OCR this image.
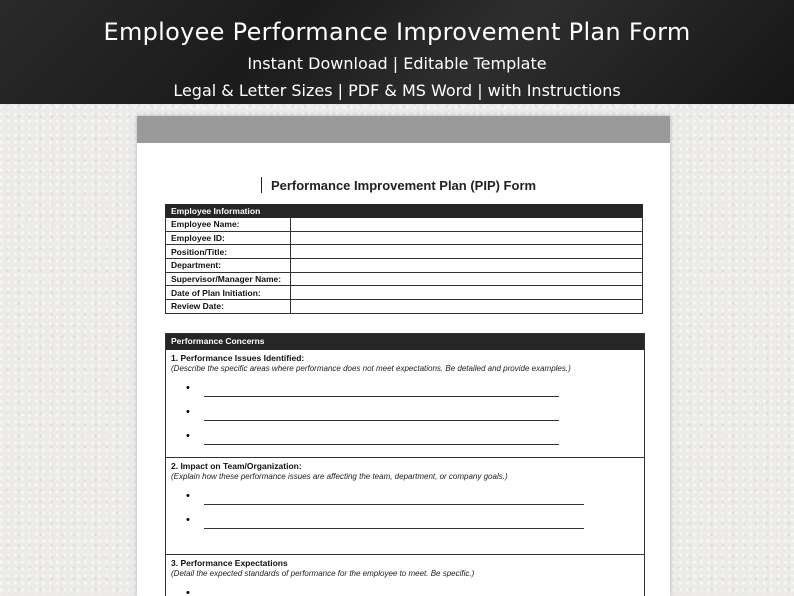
Employee Performance Improvement Plan Form
Instant Download | Editable Template
Legal & Letter Sizes | PDF & MS Word | with Instructions
Performance Improvement Plan (PIP) Form
Employee Information	
Employee Name:	
Employee ID:	
Position/Title:	
Department:	
Supervisor/Manager Name:	
Date of Plan Initiation:	
Review Date:	
Performance Concerns
1. Performance Issues Identified:
(Describe the specific areas where performance does not meet expectations. Be detailed and provide examples.)
•
•
•
2. Impact on Team/Organization:
(Explain how these performance issues are affecting the team, department, or company goals.)
•
•
3. Performance Expectations
(Detail the expected standards of performance for the employee to meet. Be specific.)
•
